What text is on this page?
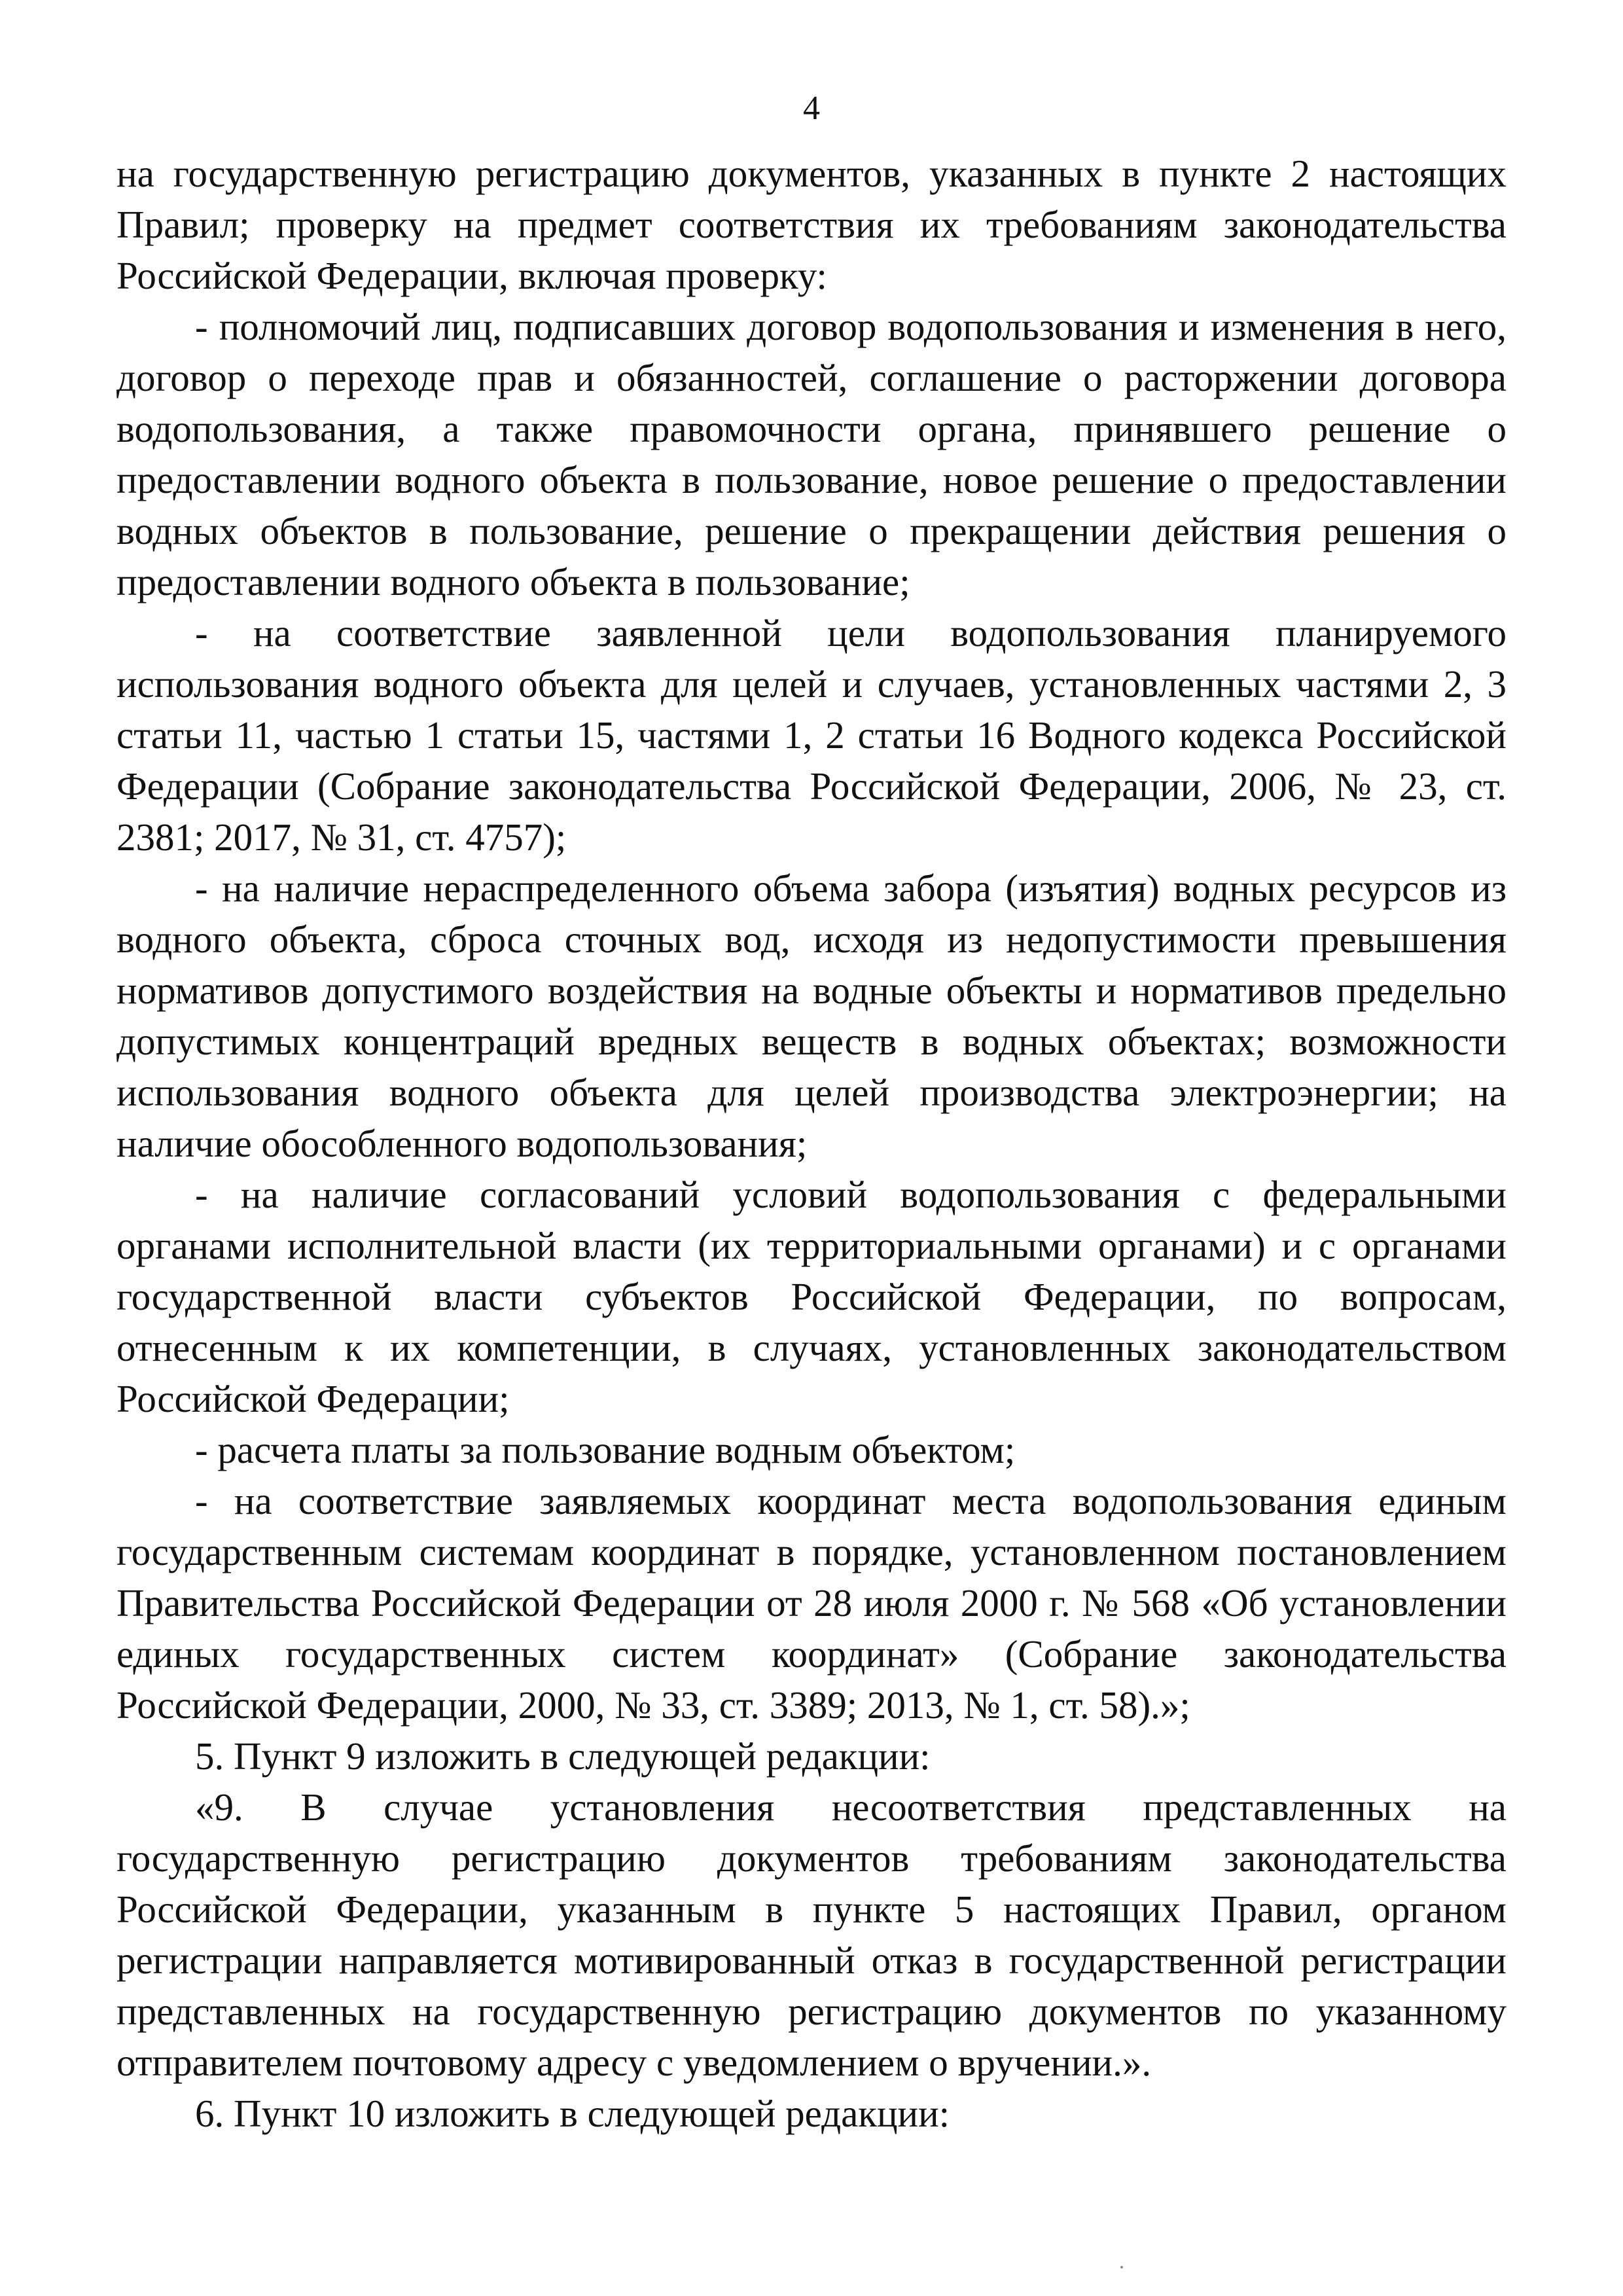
4

на государственную регистрацию документов, указанных в пункте 2 настоящих Правил; проверку на предмет соответствия их требованиям законодательства Российской Федерации, включая проверку:

- полномочий лиц, подписавших договор водопользования и изменения в него, договор о переходе прав и обязанностей, соглашение о расторжении договора водопользования, а также правомочности органа, принявшего решение о предоставлении водного объекта в пользование, новое решение о предоставлении водных объектов в пользование, решение о прекращении действия решения о предоставлении водного объекта в пользование;

- на соответствие заявленной цели водопользования планируемого использования водного объекта для целей и случаев, установленных частями 2, 3 статьи 11, частью 1 статьи 15, частями 1, 2 статьи 16 Водного кодекса Российской Федерации (Собрание законодательства Российской Федерации, 2006, № 23, ст. 2381; 2017, № 31, ст. 4757);

- на наличие нераспределенного объема забора (изъятия) водных ресурсов из водного объекта, сброса сточных вод, исходя из недопустимости превышения нормативов допустимого воздействия на водные объекты и нормативов предельно допустимых концентраций вредных веществ в водных объектах; возможности использования водного объекта для целей производства электроэнергии; на наличие обособленного водопользования;

- на наличие согласований условий водопользования с федеральными органами исполнительной власти (их территориальными органами) и с органами государственной власти субъектов Российской Федерации, по вопросам, отнесенным к их компетенции, в случаях, установленных законодательством Российской Федерации;

- расчета платы за пользование водным объектом;

- на соответствие заявляемых координат места водопользования единым государственным системам координат в порядке, установленном постановлением Правительства Российской Федерации от 28 июля 2000 г. № 568 «Об установлении единых государственных систем координат» (Собрание законодательства Российской Федерации, 2000, № 33, ст. 3389; 2013, № 1, ст. 58).»;

5. Пункт 9 изложить в следующей редакции:

«9. В случае установления несоответствия представленных на государственную регистрацию документов требованиям законодательства Российской Федерации, указанным в пункте 5 настоящих Правил, органом регистрации направляется мотивированный отказ в государственной регистрации представленных на государственную регистрацию документов по указанному отправителем почтовому адресу с уведомлением о вручении.».

6. Пункт 10 изложить в следующей редакции:
